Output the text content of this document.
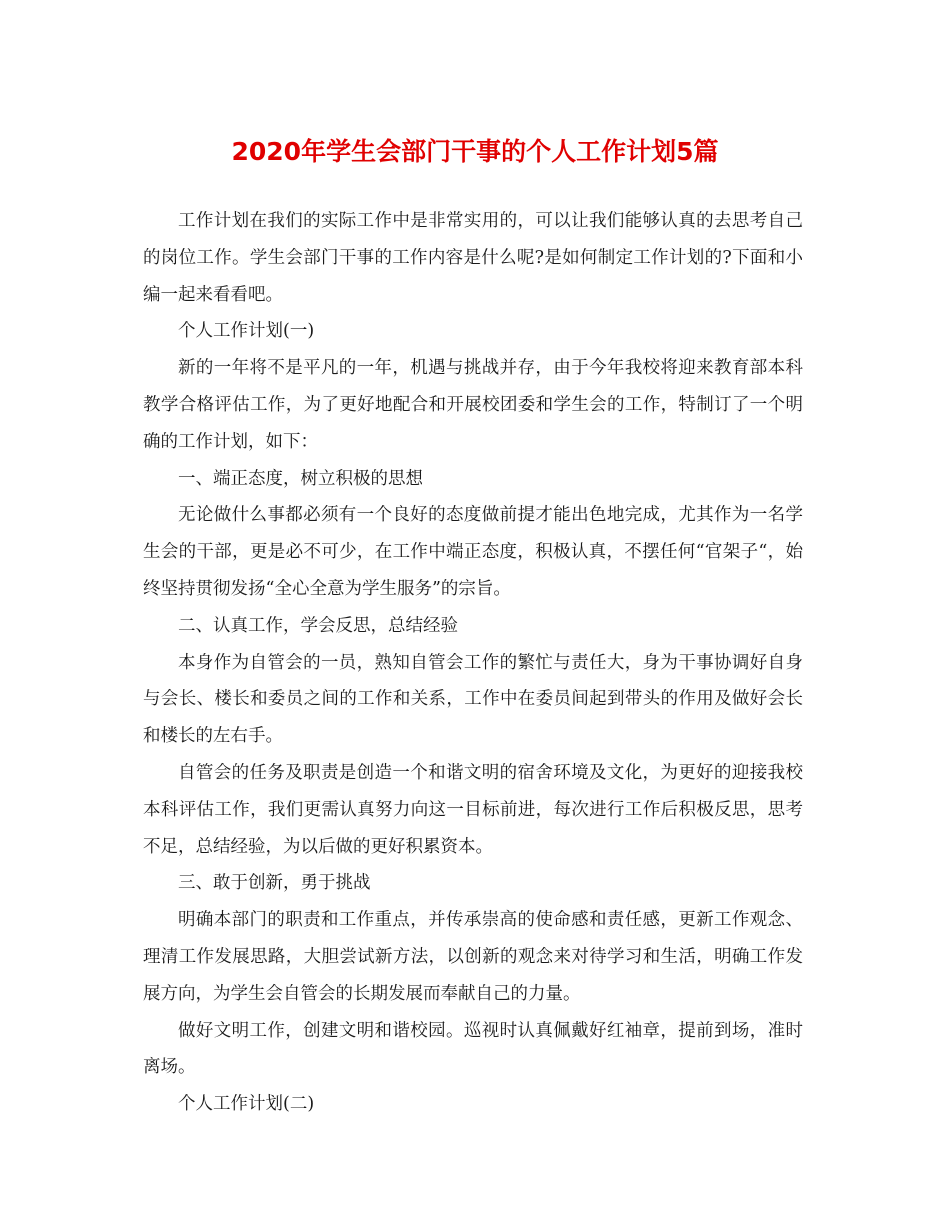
2020年学生会部门干事的个人工作计划5篇

工作计划在我们的实际工作中是非常实用的，可以让我们能够认真的去思考自己的岗位工作。学生会部门干事的工作内容是什么呢?是如何制定工作计划的?下面和小编一起来看看吧。

个人工作计划(一)

新的一年将不是平凡的一年，机遇与挑战并存，由于今年我校将迎来教育部本科教学合格评估工作，为了更好地配合和开展校团委和学生会的工作，特制订了一个明确的工作计划，如下：

一、端正态度，树立积极的思想

无论做什么事都必须有一个良好的态度做前提才能出色地完成，尤其作为一名学生会的干部，更是必不可少，在工作中端正态度，积极认真，不摆任何“官架子“，始终坚持贯彻发扬“全心全意为学生服务”的宗旨。

二、认真工作，学会反思，总结经验

本身作为自管会的一员，熟知自管会工作的繁忙与责任大，身为干事协调好自身与会长、楼长和委员之间的工作和关系，工作中在委员间起到带头的作用及做好会长和楼长的左右手。

自管会的任务及职责是创造一个和谐文明的宿舍环境及文化，为更好的迎接我校本科评估工作，我们更需认真努力向这一目标前进，每次进行工作后积极反思，思考不足，总结经验，为以后做的更好积累资本。

三、敢于创新，勇于挑战

明确本部门的职责和工作重点，并传承崇高的使命感和责任感，更新工作观念、理清工作发展思路，大胆尝试新方法，以创新的观念来对待学习和生活，明确工作发展方向，为学生会自管会的长期发展而奉献自己的力量。

做好文明工作，创建文明和谐校园。巡视时认真佩戴好红袖章，提前到场，准时离场。

个人工作计划(二)
